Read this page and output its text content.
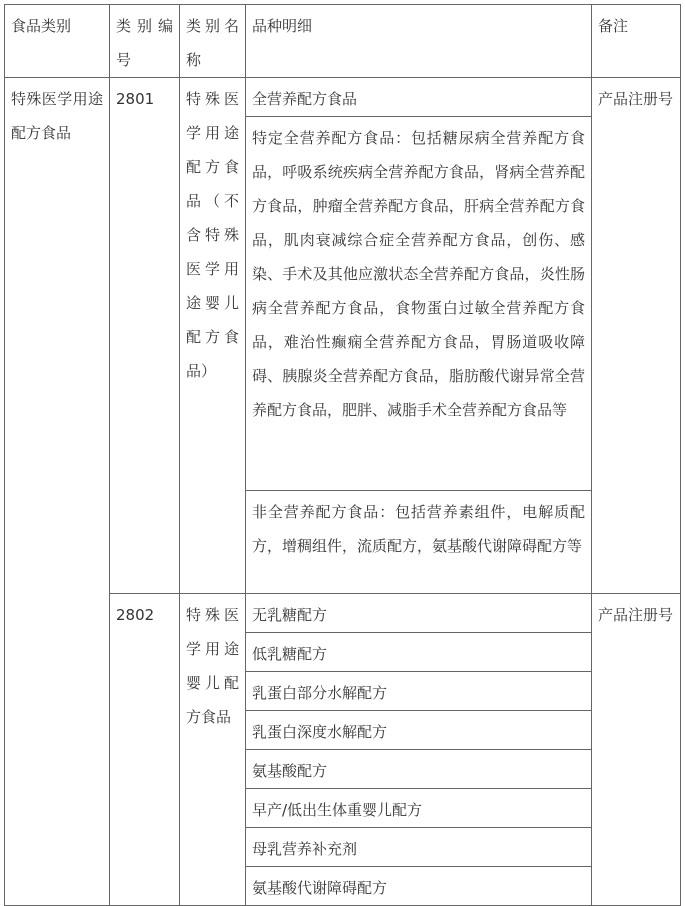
食品类别	类别编号	类别名称	品种明细	备注
特殊医学用途配方食品	2801	特殊医学用途配方食品（不含特殊医学用途婴儿配方食品）	全营养配方食品	产品注册号
			特定全营养配方食品：包括糖尿病全营养配方食品，呼吸系统疾病全营养配方食品，肾病全营养配方食品，肿瘤全营养配方食品，肝病全营养配方食品，肌肉衰减综合症全营养配方食品，创伤、感染、手术及其他应激状态全营养配方食品，炎性肠病全营养配方食品，食物蛋白过敏全营养配方食品，难治性癫痫全营养配方食品，胃肠道吸收障碍、胰腺炎全营养配方食品，脂肪酸代谢异常全营养配方食品，肥胖、减脂手术全营养配方食品等	
			非全营养配方食品：包括营养素组件，电解质配方，增稠组件，流质配方，氨基酸代谢障碍配方等	
	2802	特殊医学用途婴儿配方食品	无乳糖配方	产品注册号
			低乳糖配方	
			乳蛋白部分水解配方	
			乳蛋白深度水解配方	
			氨基酸配方	
			早产/低出生体重婴儿配方	
			母乳营养补充剂	
			氨基酸代谢障碍配方	
